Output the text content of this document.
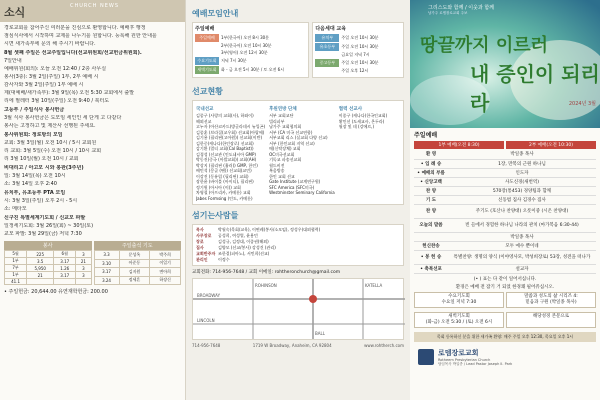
소식	CHURCH NEWS
경로교회를 참어주신 여러분을 진심으로 환영합니다. 예배후 행정
점심식사에서 시작하며 교제를 나누기를 원합니다. 등록해 원한 안내를
시면 새가족부에 문의 해 주시기 바랍니다.
8월 셋째 주일은 선교주일입니다(선교위원회/선교헌금위원회).
7일안내
예배위원(회의): 오늘 오전 12:40 / 2층 사무실
봉사(3층): 3월 2일(주일) 1부, 2부 예배 시
감사자와 3월 2일(주일) 1부 예배 시
제(대예배/새가족부): 3월 9일(목) 오전 5:30 교회에서 출발
리에 필레터 3월 10일(주일) 오전 9:40 / 북터도
고등부 / 주일식사 봉사헌금
3월 식사 봉사헌금은 도모임 세인인 세 단게 고 다같다
봉사는 고정하고 및 제산사 선행된 주세요.
봉사위원회: 정로방의 모임
교회: 3월 3일(월) 오전 10시 / 5시 교회원
리 교회: 3월 5일(수) 오전 10시 / 10시 교회
리 3월 10일(월) 오전 10시 / 교회
비대리고 / 아고모 시와 봉판(3주년)
일: 3월 14일(목) 오전 10시
소: 3월 14일 오후 2:40
유치부, 유초등부 PTA 모임
시: 3월 3일(주일) 오후 2시 - 5시
소: 메타모
신구진 특별세계기도회 / 신교모 파발
일정세기도회: 3월 26일(회) ~ 30일(토)
교모 파발: 3월 29일(금) 저녁 7:30
봉사	주일출석 기도
5월	225	6월	3
1부	3.5	3.17	21
7부	5,950	1.26	3
1부	21	3.17	3
41.1			
3.3	문성옥	박주희
3.10	아준동	이일기
3.17	김지원	변아희
3.24	정세흔	하장신
• 주일헌금: 20,644.00 유연재학헌금: 200.00
예배모임안내
주일예배
주일예배	1부(한국어) 오전 8시 30분
2부(한국어) 오전 10시 30분
3부(영어) 오전 12시 30분
수요기도회	저녁 7시 30분
새벽기도회	화 - 금 오전 5시 30분 / 토 오전 6시
다음세대 교육
유치부	주일 오전 10시 30분
유초등부	주일 오전 10시 30분
금요일 저녁 7시
중고등부	주일 오전 10시 30분
주일 오후 12시
선교현황
국내선교
김종구 (사랑의 교회(사), 하와이)
해외선교
고누자 (아산코카드(방글라데시 뉴잉곤)
김종훈 (브라질(교우회) 선교회(아랍에)
김기용 (필리핀(고아원)) 선교회(이반)
김한중(캐나다(한인장로) 선교회)
감기환 (멀티 교회(Cal Baptist))
김경성 (선교관 (인도네시아 GMP)
박동진(중국 (아발교회)) 교회(AH)
박상지 (필리핀 (흡러)) GMP, 한인)
배민석 (몽골 (팬)) 선교회(교민)
이강진 (동유럽 (필리핀) 교회)
장한윤 (바이블 (아이티), 필리핀)
정기원 (아시아 (이)) 교회
차영철 (아프리카, 카메룬) 교회
Jabes Formsing (인도, 카메룬)
후원연방 단체
서부 교회교단
빌리피부
남가주 교회협의회
서부 (CA 미국 선교연합)
서부교회 리스 (실교회 다양 선교)
서부 (한인교회 지역 선교)
메(신탁장체) 교회
OC미국선교회
기독교 파송선교회
월드비전
복음방송
한인 교회 선교
Gate Institute (교계연구원)
SFC America (SFC미국)
Westminster Seminary California
협력 선교사
이종구 (캐나다(한국인교회)
황인선 (도새교사, 온두라)
월장 및 데 (강에르,)
섬기는사람들
목사	박월숙(목회/교육), 이면레(봉사/소모임), 정성우(대외협력)
사무장로	공성희, 여성열, 윤용민
장로	김성규, 김정대, 이종권(해외)
집사	김양모 (선교/봉사) 강성건 (관리)
교회반주자 조한결(피아노), 서민희(선교)
관리인	이정수
교회전화: 714-956-7648 / 교회 이메일: rohtheronchurch@gmail.com
BROADWAY
LINCOLN
ROHINSON
BALL
KATELLA
714-956-7648	1719 W Broadway, Anaheim, CA 92804	www.rohtherch.com
그리스도와 함께 / 이웃과 함께
남가주 로뎀장로교회 주보
땅끝까지 이르러
내 증인이 되리라	2024년 3월
주일예배
1부 예배(오전 8:30)	2부 예배(오전 10:30)
환 영	박일종 목사
• 입 례 송	1장, 만복의 근원 하나님
• 예배의 부름	인도자
• 신앙고백	사도신경(새번역)
찬 양	570장(통453) 경양팀과 함께
기 도	신동범 집사 김경수 집사
찬 양	주기도 (호산나 찬양대) 오롯이중 (시온 찬양대)
오늘의 말씀	빈 들에서 경험한 하나님 나라의 관치 (마가복음 6:30-44)
	박일종 목사
헌신찬송	모두 예수 뿐이네
• 봉 헌 송	특별찬양: 생명의 양식 (이야영사모, 박성희장로) 53장, 성전을 떠나가
• 축복선포	설교자
(• ) 표는 다 같이 일어서십니다.
환경은 예배 전 잠기 거 되었 한경쾌 필어쥬십시오.
수요기도회
수요일 저녁 7:30
말씀과 성도의 삶 시리즈 4:
믿음과 구원 (박일종 목사)
새벽기도회
(화-금) 오전 5:30 / (토) 오전 6시
해당성경 본문으로
목회 등록하신 분을 위한 새가족 환영: 매주 주일 오후 12:30, 목요일 오후 1시
로뎀장로교회
Rotheem Presbyterian Church
담임목사 박일종 / Lead Pastor Joseph Il. Park
